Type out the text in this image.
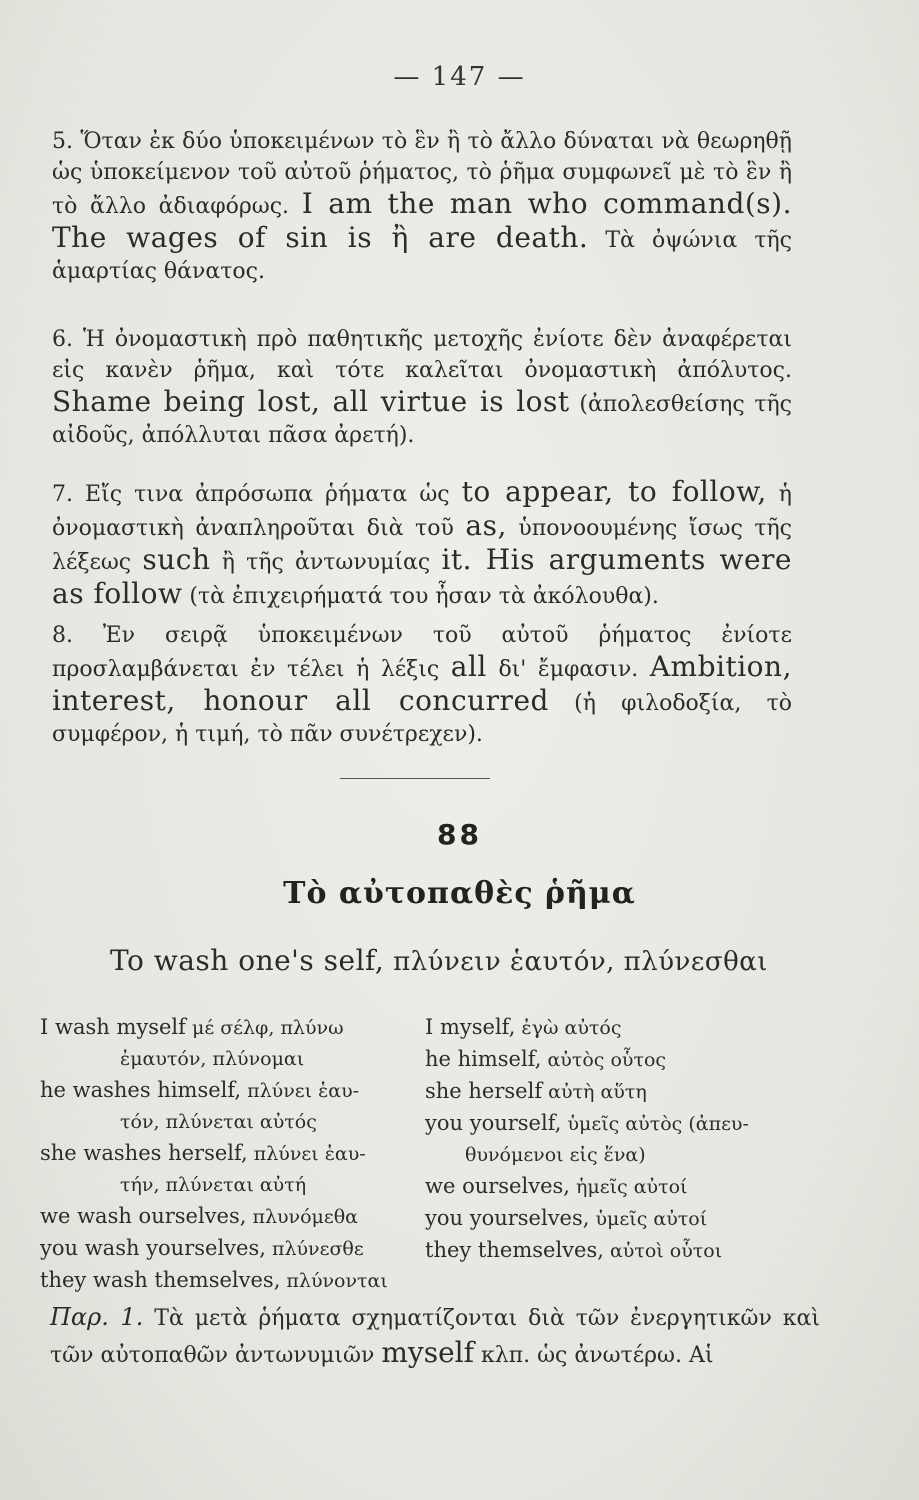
— 147 —
5. Ὅταν ἐκ δύο ὑποκειμένων τὸ ἓν ἢ τὸ ἄλλο δύναται νὰ θεωρηθῇ ὡς ὑποκείμενον τοῦ αὐτοῦ ῥήματος, τὸ ῥῆμα συμφωνεῖ μὲ τὸ ἓν ἢ τὸ ἄλλο ἀδιαφόρως. I am the man who command(s). The wages of sin is ἢ are death. Τὰ ὀψώνια τῆς ἁμαρτίας θάνατος.
6. Ἡ ὀνομαστικὴ πρὸ παθητικῆς μετοχῆς ἐνίοτε δὲν ἀναφέρεται εἰς κανὲν ῥῆμα, καὶ τότε καλεῖται ὀνομαστικὴ ἀπόλυτος. Shame being lost, all virtue is lost (ἀπολεσθείσης τῆς αἰδοῦς, ἀπόλλυται πᾶσα ἀρετή).
7. Εἴς τινα ἀπρόσωπα ῥήματα ὡς to appear, to follow, ἡ ὀνομαστικὴ ἀναπληροῦται διὰ τοῦ as, ὑπονοουμένης ἴσως τῆς λέξεως such ἢ τῆς ἀντωνυμίας it. His arguments were as follow (τὰ ἐπιχειρήματά του ἦσαν τὰ ἀκόλουθα).
8. Ἐν σειρᾷ ὑποκειμένων τοῦ αὐτοῦ ῥήματος ἐνίοτε προσλαμβάνεται ἐν τέλει ἡ λέξις all δι' ἔμφασιν. Ambition, interest, honour all concurred (ἡ φιλοδοξία, τὸ συμφέρον, ἡ τιμή, τὸ πᾶν συνέτρεχεν).
88
Τὸ αὐτοπαθὲς ῥῆμα
To wash one's self, πλύνειν ἑαυτόν, πλύνεσθαι

I wash myself μέ σέλφ, πλύνω
ἐμαυτόν, πλύνομαι

he washes himself, πλύνει ἑαυ-
τόν, πλύνεται αὐτός

she washes herself, πλύνει ἑαυ-
τήν, πλύνεται αὐτή

we wash ourselves, πλυνόμεθα

you wash yourselves, πλύνεσθε

they wash themselves, πλύνονται

I myself, ἐγὼ αὐτός

he himself, αὐτὸς οὗτος

she herself αὐτὴ αὕτη

you yourself, ὑμεῖς αὐτὸς (ἀπευ-
θυνόμενοι εἰς ἕνα)

we ourselves, ἡμεῖς αὐτοί

you yourselves, ὑμεῖς αὐτοί

they themselves, αὐτοὶ οὗτοι

Παρ. 1. Τὰ μετὰ ῥήματα σχηματίζονται διὰ τῶν ἐνεργητικῶν καὶ τῶν αὐτοπαθῶν ἀντωνυμιῶν myself κλπ. ὡς ἀνωτέρω. Αἱ
